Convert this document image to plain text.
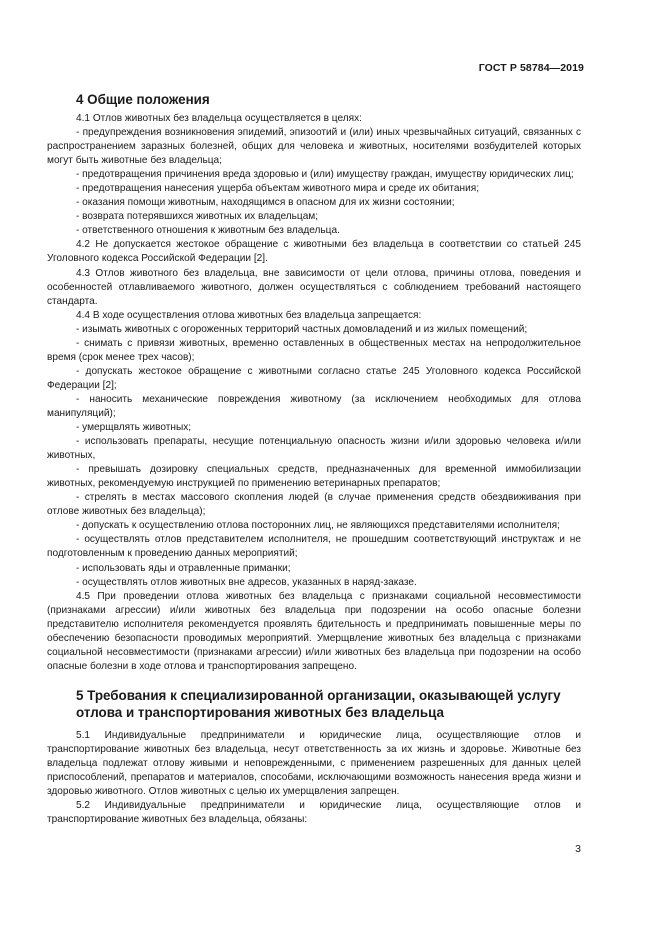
ГОСТ Р 58784—2019
4 Общие положения

4.1 Отлов животных без владельца осуществляется в целях:

- предупреждения возникновения эпидемий, эпизоотий и (или) иных чрезвычайных ситуаций, связанных с распространением заразных болезней, общих для человека и животных, носителями возбудителей которых могут быть животные без владельца;

- предотвращения причинения вреда здоровью и (или) имуществу граждан, имуществу юридических лиц;

- предотвращения нанесения ущерба объектам животного мира и среде их обитания;

- оказания помощи животным, находящимся в опасном для их жизни состоянии;

- возврата потерявшихся животных их владельцам;

- ответственного отношения к животным без владельца.

4.2 Не допускается жестокое обращение с животными без владельца в соответствии со статьей 245 Уголовного кодекса Российской Федерации [2].

4.3 Отлов животного без владельца, вне зависимости от цели отлова, причины отлова, поведения и особенностей отлавливаемого животного, должен осуществляться с соблюдением требований настоящего стандарта.

4.4 В ходе осуществления отлова животных без владельца запрещается:

- изымать животных с огороженных территорий частных домовладений и из жилых помещений;

- снимать с привязи животных, временно оставленных в общественных местах на непродолжительное время (срок менее трех часов);

- допускать жестокое обращение с животными согласно статье 245 Уголовного кодекса Российской Федерации [2];

- наносить механические повреждения животному (за исключением необходимых для отлова манипуляций);

- умерщвлять животных;

- использовать препараты, несущие потенциальную опасность жизни и/или здоровью человека и/или животных,

- превышать дозировку специальных средств, предназначенных для временной иммобилизации животных, рекомендуемую инструкцией по применению ветеринарных препаратов;

- стрелять в местах массового скопления людей (в случае применения средств обездвиживания при отлове животных без владельца);

- допускать к осуществлению отлова посторонних лиц, не являющихся представителями исполнителя;

- осуществлять отлов представителем исполнителя, не прошедшим соответствующий инструктаж и не подготовленным к проведению данных мероприятий;

- использовать яды и отравленные приманки;

- осуществлять отлов животных вне адресов, указанных в наряд-заказе.

4.5 При проведении отлова животных без владельца с признаками социальной несовместимости (признаками агрессии) и/или животных без владельца при подозрении на особо опасные болезни представителю исполнителя рекомендуется проявлять бдительность и предпринимать повышенные меры по обеспечению безопасности проводимых мероприятий. Умерщвление животных без владельца с признаками социальной несовместимости (признаками агрессии) и/или животных без владельца при подозрении на особо опасные болезни в ходе отлова и транспортирования запрещено.

5 Требования к специализированной организации, оказывающей услугу отлова и транспортирования животных без владельца

5.1 Индивидуальные предприниматели и юридические лица, осуществляющие отлов и транспортирование животных без владельца, несут ответственность за их жизнь и здоровье. Животные без владельца подлежат отлову живыми и неповрежденными, с применением разрешенных для данных целей приспособлений, препаратов и материалов, способами, исключающими возможность нанесения вреда жизни и здоровью животного. Отлов животных с целью их умерщвления запрещен.

5.2 Индивидуальные предприниматели и юридические лица, осуществляющие отлов и транспортирование животных без владельца, обязаны:

3
